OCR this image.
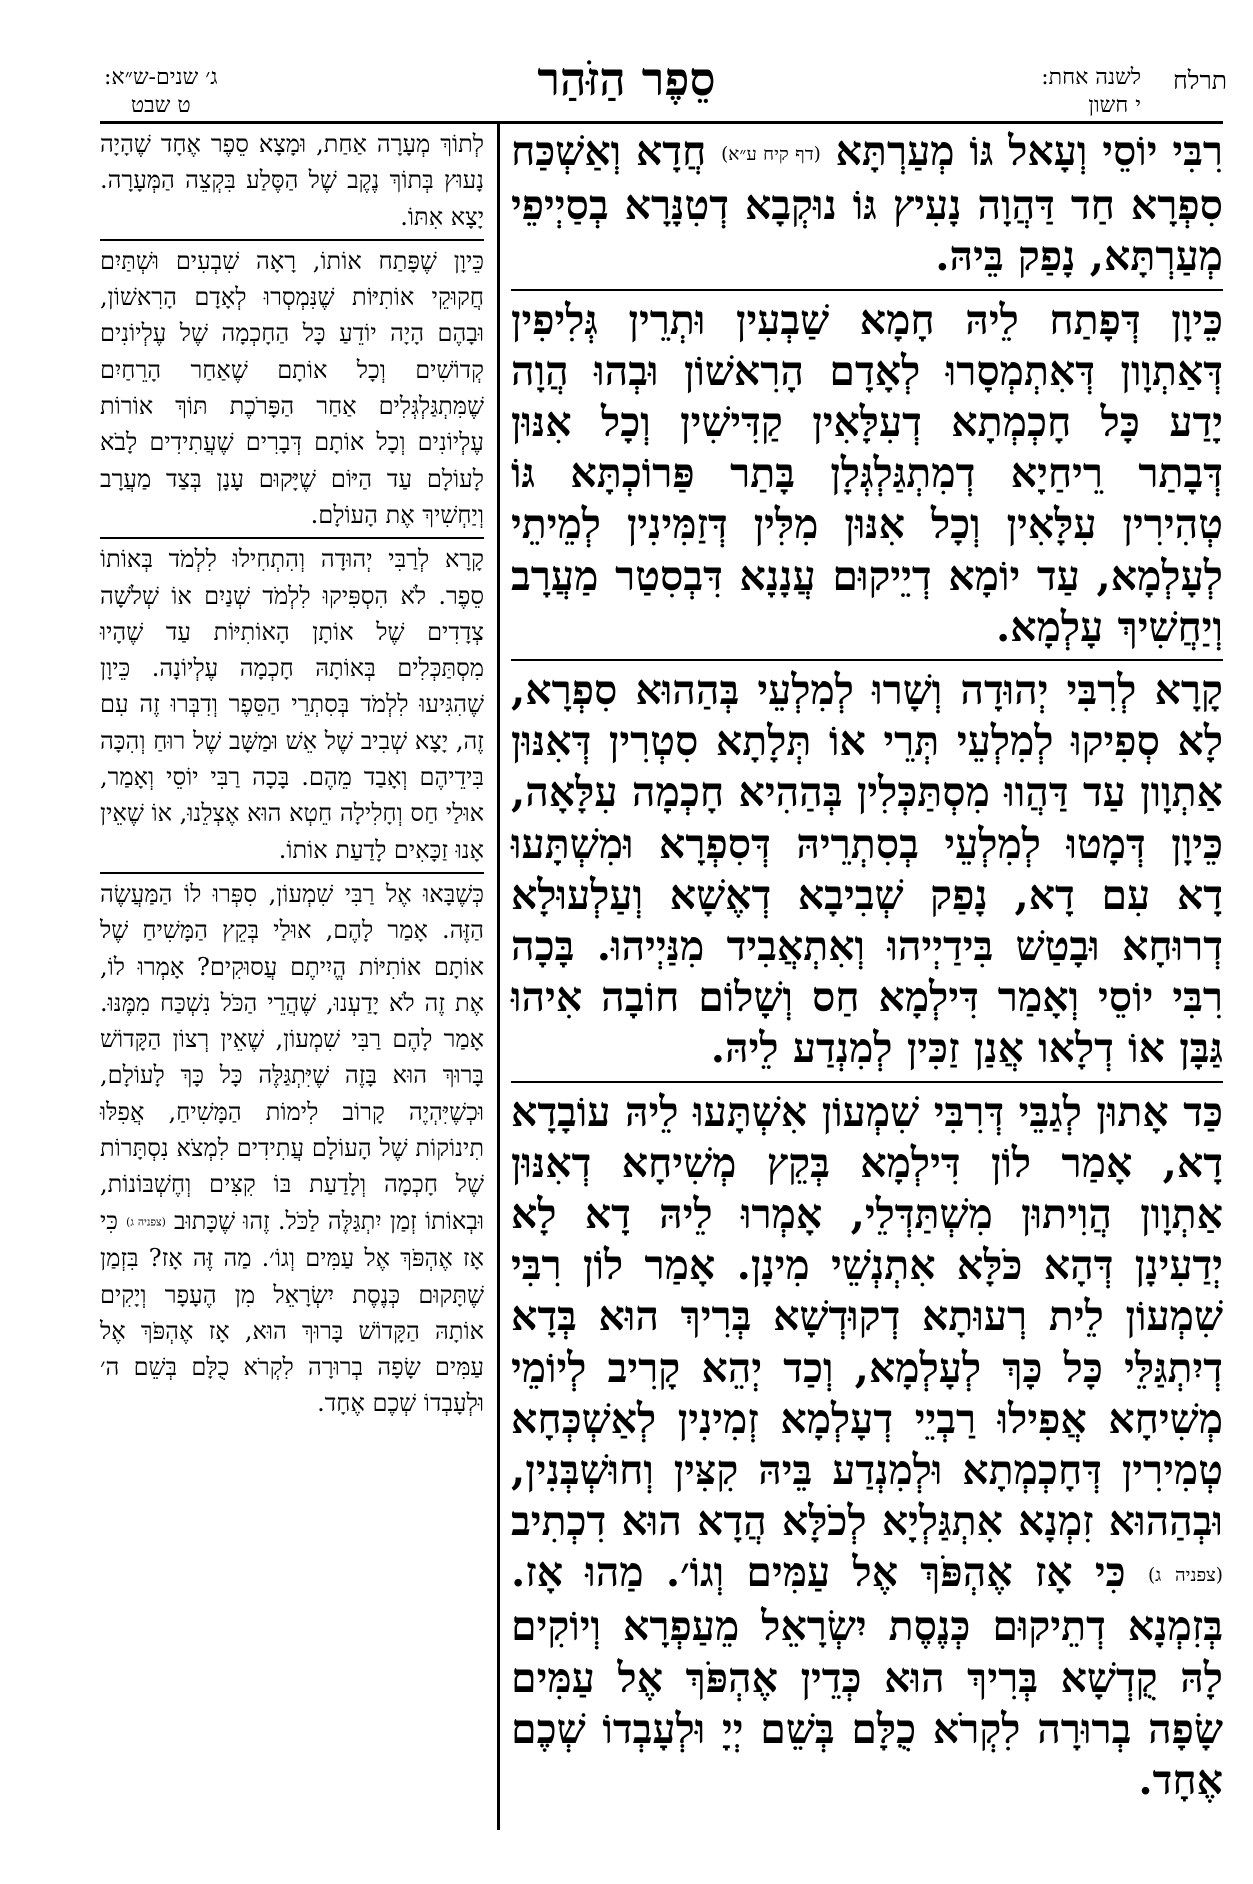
תרלח
לשנה אחת:
י חשון
סֵפֶר הַזֹּהַר
ג׳ שנים-ש״א:
ט שבט

רִבִּי יוֹסֵי וְעָאל גּוֹ מְעַרְתָּא (דף קיח ע״א) חֲדָא וְאַשְׁכַּח סִפְרָא חַד דַּהֲוָה נָעִיץ גּוֹ נוּקְבָא דְטִנָּרָא בְסַיְיפֵי מְעַרְתָּא, נָפַק בֵּיהּ.

כֵּיוָן דְּפָתַח לֵיהּ חָמָא שַׁבְעִין וּתְרֵין גְּלִיפִין דְּאַתְוָון דְּאִתְמְסָרוּ לְאָדָם הָרִאשׁוֹן וּבְהוּ הֲוָה יָדַע כָּל חָכְמְתָא דְעִלָּאִין קַדִּישִׁין וְכָל אִנּוּן דְּבָתַר רֵיחַיָא דְמִתְגַּלְגְּלָן בָּתַר פַּרוֹכְתָּא גּוֹ טְהִירִין עִלָּאִין וְכָל אִנּוּן מִלִּין דְּזַמִּינִין לְמֵיתֵי לְעָלְמָא, עַד יוֹמָא דְיֵיקוּם עֲנָנָא דִּבְסִטַר מַעֲרָב וְיַחֲשִׁיךְ עָלְמָא.

קָרָא לְרִבִּי יְהוּדָה וְשָׁרוּ לְמִלְעֵי בְּהַהוּא סִפְרָא, לָא סְפִיקוּ לְמִלְעֵי תְּרֵי אוֹ תְּלָתָא סִטְרִין דְּאִנּוּן אַתְוָון עַד דַּהֲווּ מִסְתַּכְּלִין בְּהַהִיא חָכְמָה עִלָּאָה, כֵּיוָן דְּמָטוּ לְמִלְעֵי בְסִתְרֵיהּ דְּסִפְרָא וּמִשְׁתָּעוּ דָא עִם דָא, נָפַק שְׁבִיבָא דְאֶשָׁא וְעַלְעוּלָא דְרוּחָא וּבָטַשׁ בִּידַיְיהוּ וְאִתְאֲבִיד מִנַּיְיהוּ. בָּכָה רִבִּי יוֹסֵי וְאָמַר דִּילְמָא חַס וְשָׁלוֹם חוֹבָה אִיהוּ גַּבָּן אוֹ דְלָאו אֲנַן זַכִּין לְמִנְדַע לֵיהּ.

כַּד אָתוּן לְגַבֵּי דְּרִבִּי שִׁמְעוֹן אִשְׁתָּעוּ לֵיהּ עוֹבָדָא דָא, אָמַר לוֹן דִּילְמָא בְּקֵץ מְשִׁיחָא דְאִנּוּן אַתְוָון הֲוִיתוּן מִשְׁתַּדְּלֵי, אָמְרוּ לֵיהּ דָא לָא יְדַעִינָן דְּהָא כֹּלָּא אִתְנְשֵׁי מִינָן. אָמַר לוֹן רִבִּי שִׁמְעוֹן לֵית רְעוּתָא דְקוּדְשָׁא בְּרִיךְ הוּא בְּדָא דְיִתְגַּלֵּי כָּל כָּךְ לְעָלְמָא, וְכַד יְהֵא קָרִיב לְיוֹמֵי מְשִׁיחָא אֲפִילוּ רַבְיֵי דְעָלְמָא זְמִינִין לְאַשְׁכְּחָא טְמִירִין דְּחָכְמְתָא וּלְמִנְדַע בֵּיהּ קִצִּין וְחוּשְׁבְּנִין, וּבְהַהוּא זִמְנָא אִתְגַּלְיָא לְכֹלָּא הֲדָא הוּא דִכְתִיב (צפניה ג) כִּי אָז אֶהְפֹּךְ אֶל עַמִּים וְגוֹ׳. מַהוּ אָז. בְּזִמְנָא דְתֵיקוּם כְּנֶסֶת יִשְׂרָאֵל מֵעַפְרָא וְיוֹקִים לָהּ קֻדְשָׁא בְּרִיךְ הוּא כְּדֵין אֶהְפֹּךְ אֶל עַמִּים שָׂפָה בְרוּרָה לִקְרֹא כֻלָּם בְּשֵׁם יְיָ וּלְעָבְדוֹ שְׁכֶם אֶחָד.

לְתוֹךְ מְעָרָה אַחַת, וּמָצָא סֵפֶר אֶחָד שֶׁהָיָה נָעוּץ בְּתוֹךְ נֶקֶב שֶׁל הַסֶּלַע בִּקְצֵה הַמְּעָרָה. יָצָא אִתּוֹ.

כֵּיוָן שֶׁפָּתַח אוֹתוֹ, רָאָה שִׁבְעִים וּשְׁתַּיִם חֲקוּקֵי אוֹתִיּוֹת שֶׁנִּמְסְרוּ לְאָדָם הָרִאשׁוֹן, וּבָהֶם הָיָה יוֹדֵעַ כָּל הַחָכְמָה שֶׁל עֶלְיוֹנִים קְדוֹשִׁים וְכָל אוֹתָם שֶׁאַחַר הָרֵחַיִם שֶׁמִּתְגַּלְגְּלִים אַחַר הַפָּרֹכֶת תּוֹךְ אוֹרוֹת עֶלְיוֹנִים וְכָל אוֹתָם דְּבָרִים שֶׁעֲתִידִים לָבֹא לָעוֹלָם עַד הַיּוֹם שֶׁיָּקוּם עָנָן בְּצַד מַעֲרָב וְיַחְשִׁיךְ אֶת הָעוֹלָם.

קָרָא לְרַבִּי יְהוּדָה וְהִתְחִילוּ לִלְמֹד בְּאוֹתוֹ סֵפֶר. לֹא הִסְפִּיקוּ לִלְמֹד שְׁנַיִם אוֹ שְׁלֹשָׁה צְדָדִים שֶׁל אוֹתָן הָאוֹתִיּוֹת עַד שֶׁהָיוּ מִסְתַּכְּלִים בְּאוֹתָהּ חָכְמָה עֶלְיוֹנָה. כֵּיוָן שֶׁהִגִּיעוּ לִלְמֹד בְּסִתְרֵי הַסֵּפֶר וְדִבְּרוּ זֶה עִם זֶה, יָצָא שְׁבִיב שֶׁל אֵשׁ וּמַשָּׁב שֶׁל רוּחַ וְהִכָּה בִּידֵיהֶם וְאָבַד מֵהֶם. בָּכָה רַבִּי יוֹסֵי וְאָמַר, אוּלַי חַס וְחָלִילָה חֵטְא הוּא אֶצְלֵנוּ, אוֹ שֶׁאֵין אָנוּ זַכָּאִים לָדַעַת אוֹתוֹ.

כְּשֶׁבָּאוּ אֶל רַבִּי שִׁמְעוֹן, סִפְּרוּ לוֹ הַמַּעֲשֶׂה הַזֶּה. אָמַר לָהֶם, אוּלַי בְּקֵץ הַמָּשִׁיחַ שֶׁל אוֹתָם אוֹתִיּוֹת הֱיִיתֶם עֲסוּקִים? אָמְרוּ לוֹ, אֶת זֶה לֹא יָדַעְנוּ, שֶׁהֲרֵי הַכֹּל נִשְׁכַּח מִמֶּנּוּ. אָמַר לָהֶם רַבִּי שִׁמְעוֹן, שֶׁאֵין רְצוֹן הַקָּדוֹשׁ בָּרוּךְ הוּא בָּזֶה שֶׁיִּתְגַּלֶּה כָּל כָּךְ לָעוֹלָם, וּכְשֶׁיִּהְיֶה קָרוֹב לִימוֹת הַמָּשִׁיחַ, אֲפִלּוּ תִינוֹקוֹת שֶׁל הָעוֹלָם עֲתִידִים לִמְצֹא נִסְתָּרוֹת שֶׁל חָכְמָה וְלָדַעַת בּוֹ קִצִּים וְחֶשְׁבּוֹנוֹת, וּבְאוֹתוֹ זְמַן יִתְגַּלֶּה לַכֹּל. זֶהוּ שֶׁכָּתוּב (צפניה ג) כִּי אָז אֶהְפֹּךְ אֶל עַמִּים וְגוֹ׳. מַה זֶּה אָז? בִּזְמַן שֶׁתָּקוּם כְּנֶסֶת יִשְׂרָאֵל מִן הֶעָפָר וְיָקִים אוֹתָהּ הַקָּדוֹשׁ בָּרוּךְ הוּא, אָז אֶהְפֹּךְ אֶל עַמִּים שָׂפָה בְרוּרָה לִקְרֹא כֻלָּם בְּשֵׁם ה׳ וּלְעָבְדוֹ שְׁכֶם אֶחָד.
